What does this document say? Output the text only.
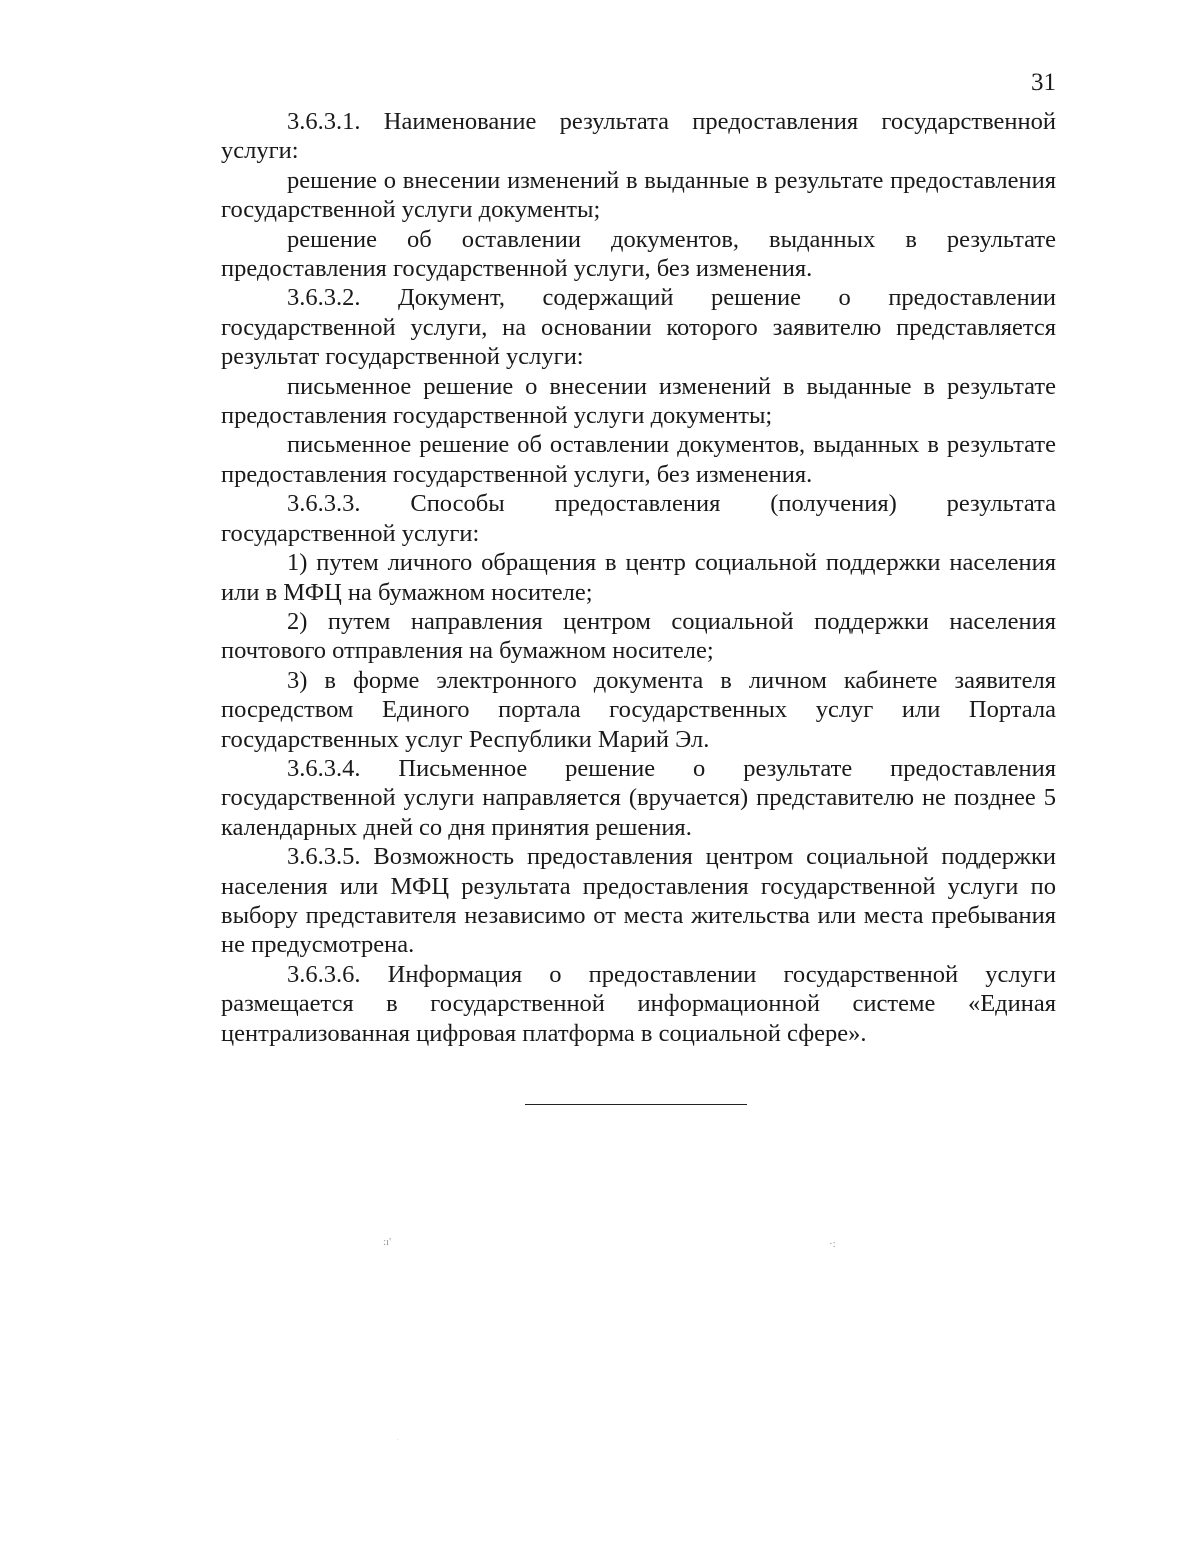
31

3.6.3.1. Наименование результата предоставления государственной услуги:

решение о внесении изменений в выданные в результате предоставления государственной услуги документы;

решение об оставлении документов, выданных в результате предоставления государственной услуги, без изменения.

3.6.3.2. Документ, содержащий решение о предоставлении государственной услуги, на основании которого заявителю представляется результат государственной услуги:

письменное решение о внесении изменений в выданные в результате предоставления государственной услуги документы;

письменное решение об оставлении документов, выданных в результате предоставления государственной услуги, без изменения.

3.6.3.3. Способы предоставления (получения) результата государственной услуги:

1) путем личного обращения в центр социальной поддержки населения или в МФЦ на бумажном носителе;

2) путем направления центром социальной поддержки населения почтового отправления на бумажном носителе;

3) в форме электронного документа в личном кабинете заявителя посредством Единого портала государственных услуг или Портала государственных услуг Республики Марий Эл.

3.6.3.4. Письменное решение о результате предоставления государственной услуги направляется (вручается) представителю не позднее 5 календарных дней со дня принятия решения.

3.6.3.5. Возможность предоставления центром социальной поддержки населения или МФЦ результата предоставления государственной услуги по выбору представителя независимо от места жительства или места пребывания не предусмотрена.

3.6.3.6. Информация о предоставлении государственной услуги размещается в государственной информационной системе «Единая централизованная цифровая платформа в социальной сфере».

:ı'	·:
.
